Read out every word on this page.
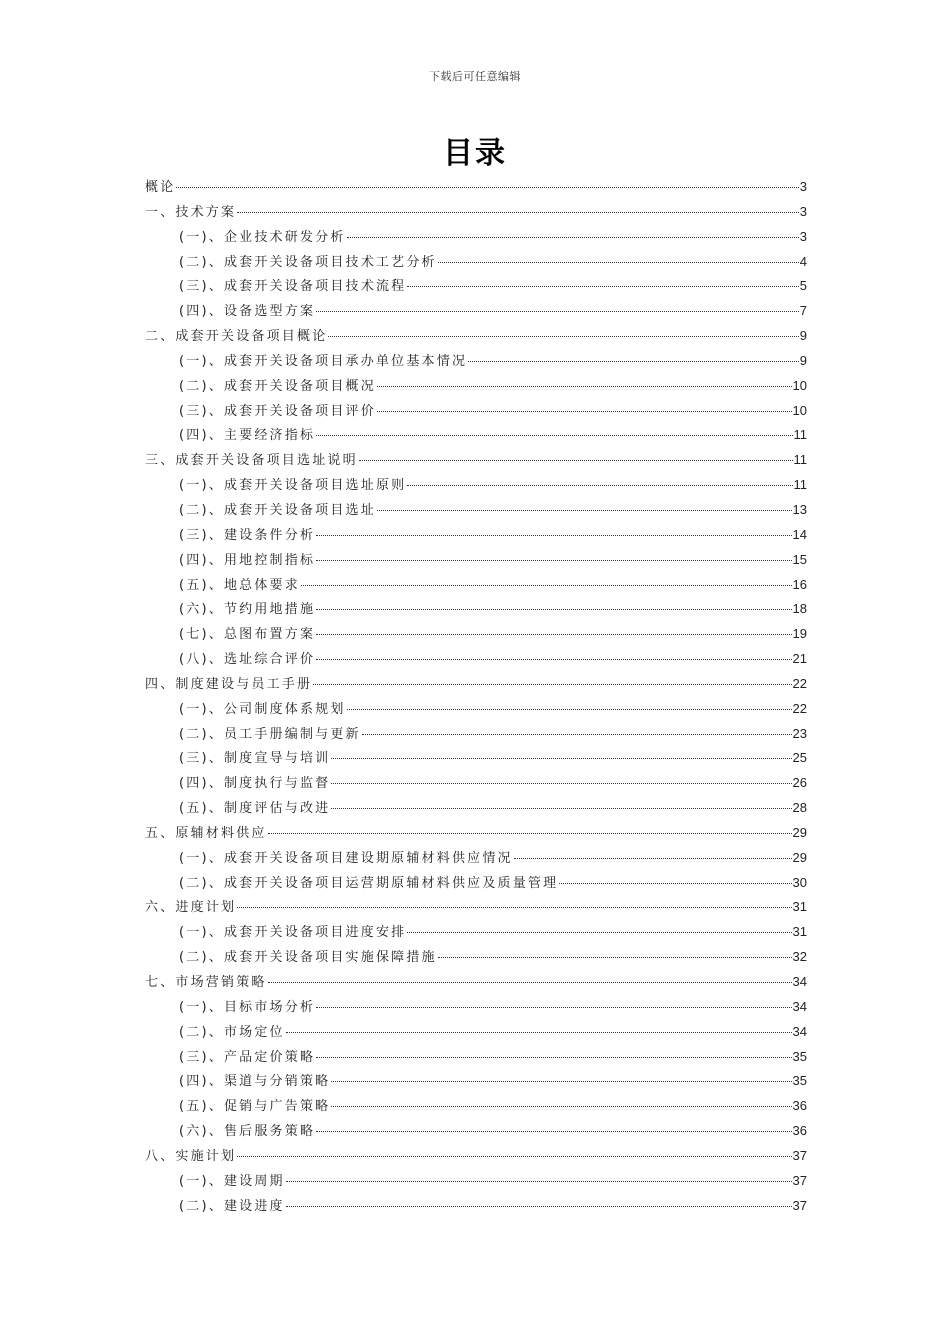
下载后可任意编辑
目录
概论	3
一、技术方案	3
(一)、企业技术研发分析	3
(二)、成套开关设备项目技术工艺分析	4
(三)、成套开关设备项目技术流程	5
(四)、设备选型方案	7
二、成套开关设备项目概论	9
(一)、成套开关设备项目承办单位基本情况	9
(二)、成套开关设备项目概况	10
(三)、成套开关设备项目评价	10
(四)、主要经济指标	11
三、成套开关设备项目选址说明	11
(一)、成套开关设备项目选址原则	11
(二)、成套开关设备项目选址	13
(三)、建设条件分析	14
(四)、用地控制指标	15
(五)、地总体要求	16
(六)、节约用地措施	18
(七)、总图布置方案	19
(八)、选址综合评价	21
四、制度建设与员工手册	22
(一)、公司制度体系规划	22
(二)、员工手册编制与更新	23
(三)、制度宣导与培训	25
(四)、制度执行与监督	26
(五)、制度评估与改进	28
五、原辅材料供应	29
(一)、成套开关设备项目建设期原辅材料供应情况	29
(二)、成套开关设备项目运营期原辅材料供应及质量管理	30
六、进度计划	31
(一)、成套开关设备项目进度安排	31
(二)、成套开关设备项目实施保障措施	32
七、市场营销策略	34
(一)、目标市场分析	34
(二)、市场定位	34
(三)、产品定价策略	35
(四)、渠道与分销策略	35
(五)、促销与广告策略	36
(六)、售后服务策略	36
八、实施计划	37
(一)、建设周期	37
(二)、建设进度	37
